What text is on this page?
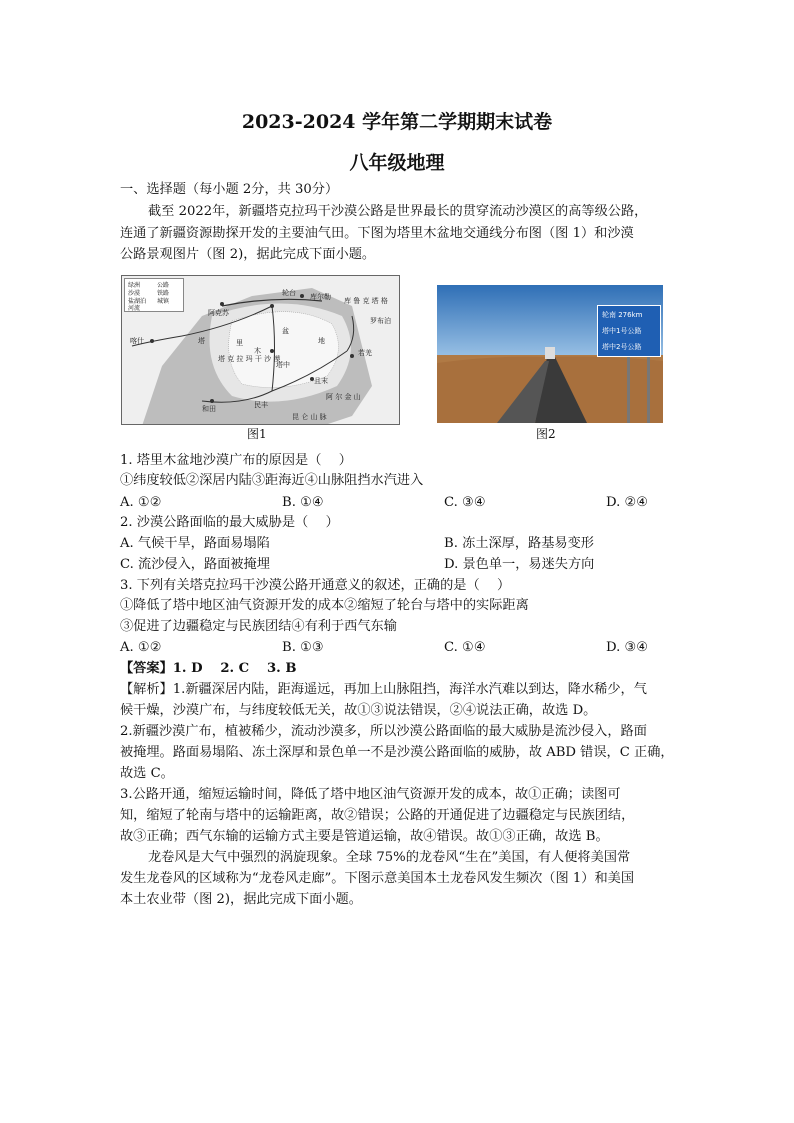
2023-2024 学年第二学期期末试卷
八年级地理
一、选择题（每小题 2分，共 30分）
截至 2022年，新疆塔克拉玛干沙漠公路是世界最长的贯穿流动沙漠区的高等级公路，
连通了新疆资源勘探开发的主要油气田。下图为塔里木盆地交通线分布图（图 1）和沙漠
公路景观图片（图 2)，据此完成下面小题。
绿洲
沙漠
盐湖泊
河流
公路
铁路
城镇
阿克苏
轮台 库尔勒 库 鲁 克 塔 格
塔	里
木
盆
地
塔 克 拉 玛 干 沙 漠
喀什
塔中
和田	民丰
且末
若羌
阿 尔 金 山
昆 仑 山 脉
罗布泊
图1
轮南 276km
塔中1号公路
塔中2号公路
图2
1. 塔里木盆地沙漠广布的原因是（　 ）
①纬度较低②深居内陆③距海近④山脉阻挡水汽进入
A. ①②	B. ①④	C. ③④	D. ②④
2. 沙漠公路面临的最大威胁是（　 ）
A. 气候干旱，路面易塌陷	B. 冻土深厚，路基易变形
C. 流沙侵入，路面被掩埋	D. 景色单一，易迷失方向
3. 下列有关塔克拉玛干沙漠公路开通意义的叙述，正确的是（　 ）
①降低了塔中地区油气资源开发的成本②缩短了轮台与塔中的实际距离
③促进了边疆稳定与民族团结④有利于西气东输
A. ①②	B. ①③	C. ①④	D. ③④
【答案】1. D　 2. C　 3. B
【解析】1.新疆深居内陆，距海遥远，再加上山脉阻挡，海洋水汽难以到达，降水稀少，气
候干燥，沙漠广布，与纬度较低无关，故①③说法错误，②④说法正确，故选 D。
2.新疆沙漠广布，植被稀少，流动沙漠多，所以沙漠公路面临的最大威胁是流沙侵入，路面
被掩埋。路面易塌陷、冻土深厚和景色单一不是沙漠公路面临的威胁，故 ABD 错误，C 正确，
故选 C。
3.公路开通，缩短运输时间，降低了塔中地区油气资源开发的成本，故①正确；读图可
知，缩短了轮南与塔中的运输距离，故②错误；公路的开通促进了边疆稳定与民族团结，
故③正确；西气东输的运输方式主要是管道运输，故④错误。故①③正确，故选 B。
龙卷风是大气中强烈的涡旋现象。全球 75%的龙卷风“生在”美国，有人便将美国常
发生龙卷风的区域称为“龙卷风走廊”。下图示意美国本土龙卷风发生频次（图 1）和美国
本土农业带（图 2)，据此完成下面小题。
